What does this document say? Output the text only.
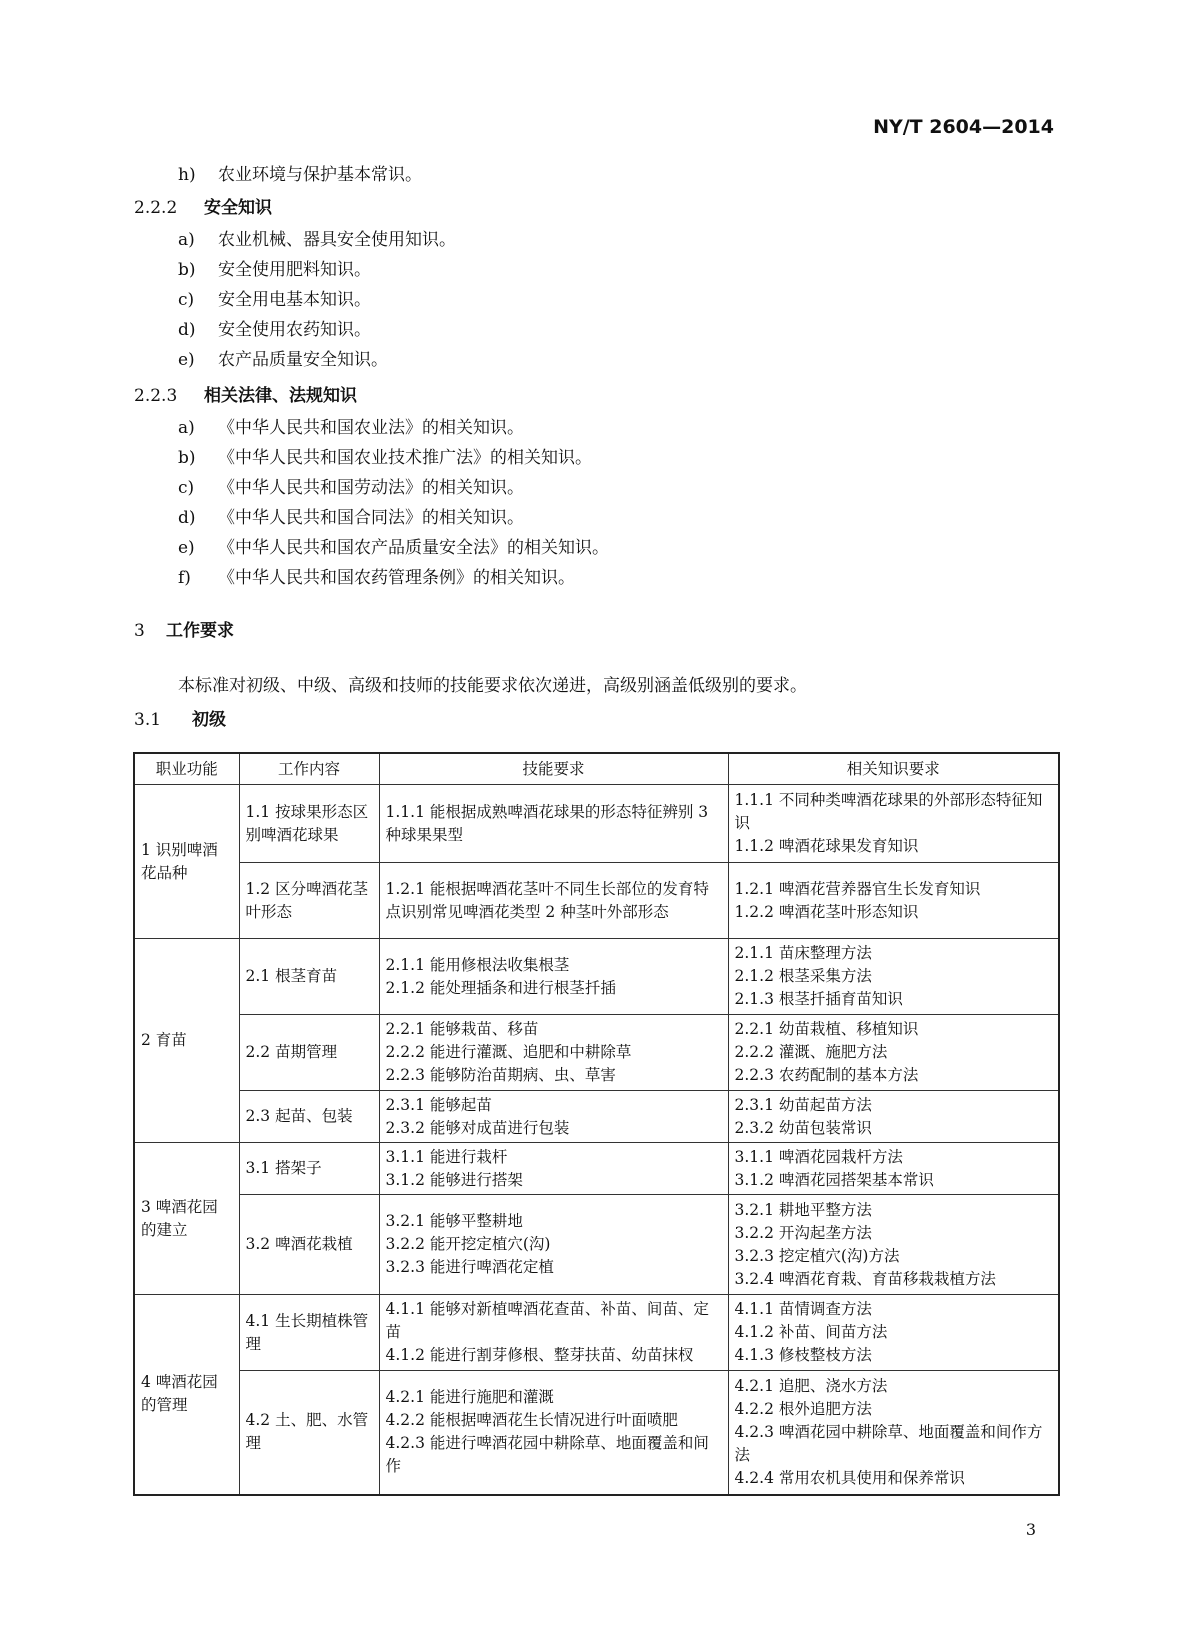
NY/T 2604—2014
h) 农业环境与保护基本常识。
2.2.2 安全知识
a) 农业机械、器具安全使用知识。
b) 安全使用肥料知识。
c) 安全用电基本知识。
d) 安全使用农药知识。
e) 农产品质量安全知识。
2.2.3 相关法律、法规知识
a) 《中华人民共和国农业法》的相关知识。
b) 《中华人民共和国农业技术推广法》的相关知识。
c) 《中华人民共和国劳动法》的相关知识。
d) 《中华人民共和国合同法》的相关知识。
e) 《中华人民共和国农产品质量安全法》的相关知识。
f) 《中华人民共和国农药管理条例》的相关知识。
3 工作要求
本标准对初级、中级、高级和技师的技能要求依次递进，高级别涵盖低级别的要求。
3.1 初级
职业功能	工作内容	技能要求	相关知识要求
1 识别啤酒花品种	1.1 按球果形态区别啤酒花球果	1.1.1 能根据成熟啤酒花球果的形态特征辨别 3 种球果果型	1.1.1 不同种类啤酒花球果的外部形态特征知识
1.1.2 啤酒花球果发育知识

	1.2 区分啤酒花茎叶形态	1.2.1 能根据啤酒花茎叶不同生长部位的发育特点识别常见啤酒花类型 2 种茎叶外部形态	1.2.1 啤酒花营养器官生长发育知识
1.2.2 啤酒花茎叶形态知识

2 育苗	2.1 根茎育苗	2.1.1 能用修根法收集根茎
2.1.2 能处理插条和进行根茎扦插	2.1.1 苗床整理方法
2.1.2 根茎采集方法
2.1.3 根茎扦插育苗知识

	2.2 苗期管理	2.2.1 能够栽苗、移苗
2.2.2 能进行灌溉、追肥和中耕除草
2.2.3 能够防治苗期病、虫、草害	2.2.1 幼苗栽植、移植知识
2.2.2 灌溉、施肥方法
2.2.3 农药配制的基本方法

	2.3 起苗、包装	2.3.1 能够起苗
2.3.2 能够对成苗进行包装	2.3.1 幼苗起苗方法
2.3.2 幼苗包装常识

3 啤酒花园的建立	3.1 搭架子	3.1.1 能进行栽杆
3.1.2 能够进行搭架	3.1.1 啤酒花园栽杆方法
3.1.2 啤酒花园搭架基本常识

	3.2 啤酒花栽植	3.2.1 能够平整耕地
3.2.2 能开挖定植穴(沟)
3.2.3 能进行啤酒花定植	3.2.1 耕地平整方法
3.2.2 开沟起垄方法
3.2.3 挖定植穴(沟)方法
3.2.4 啤酒花育栽、育苗移栽栽植方法

4 啤酒花园的管理	4.1 生长期植株管理	4.1.1 能够对新植啤酒花查苗、补苗、间苗、定苗
4.1.2 能进行割芽修根、整芽扶苗、幼苗抹杈	4.1.1 苗情调查方法
4.1.2 补苗、间苗方法
4.1.3 修枝整枝方法

	4.2 土、肥、水管理	4.2.1 能进行施肥和灌溉
4.2.2 能根据啤酒花生长情况进行叶面喷肥
4.2.3 能进行啤酒花园中耕除草、地面覆盖和间作	4.2.1 追肥、浇水方法
4.2.2 根外追肥方法
4.2.3 啤酒花园中耕除草、地面覆盖和间作方法
4.2.4 常用农机具使用和保养常识
3
